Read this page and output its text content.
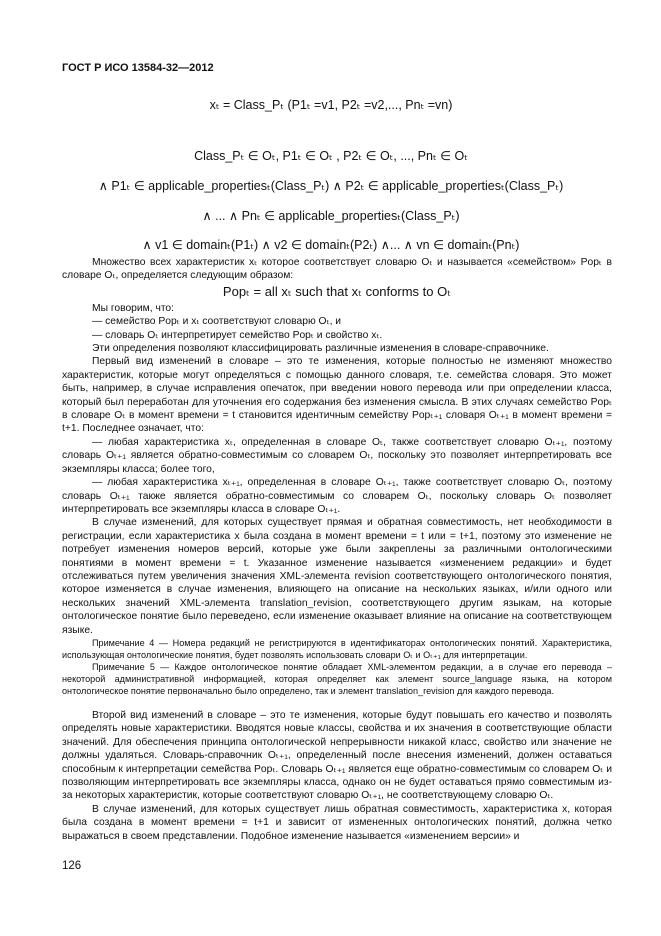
ГОСТ Р ИСО 13584-32—2012
xₜ = Class_Pₜ (P1ₜ =v1, P2ₜ =v2,..., Pnₜ =vn)
Class_Pₜ ∈ Oₜ, P1ₜ ∈ Oₜ , P2ₜ ∈ Oₜ, ..., Pnₜ ∈ Oₜ
∧ P1ₜ ∈ applicable_propertiesₜ(Class_Pₜ) ∧ P2ₜ ∈ applicable_propertiesₜ(Class_Pₜ)
∧ ... ∧ Pnₜ ∈ applicable_propertiesₜ(Class_Pₜ)
∧ v1 ∈ domainₜ(P1ₜ) ∧ v2 ∈ domainₜ(P2ₜ) ∧... ∧ vn ∈ domainₜ(Pnₜ)

Множество всех характеристик xₜ которое соответствует словарю Oₜ и называется «семейством» Popₜ в словаре Oₜ, определяется следующим образом:

Popₜ = all xₜ such that xₜ conforms to Oₜ

Мы говорим, что:

— семейство Popₜ и xₜ соответствуют словарю Oₜ, и

— словарь Oₜ интерпретирует семейство Popₜ и свойство xₜ.

Эти определения позволяют классифицировать различные изменения в словаре-справочнике.

Первый вид изменений в словаре – это те изменения, которые полностью не изменяют множество характеристик, которые могут определяться с помощью данного словаря, т.е. семейства словаря. Это может быть, например, в случае исправления опечаток, при введении нового перевода или при определении класса, который был переработан для уточнения его содержания без изменения смысла. В этих случаях семейство Popₜ в словаре Oₜ в момент времени = t становится идентичным семейству Popₜ₊₁ словаря Oₜ₊₁ в момент времени = t+1. Последнее означает, что:

— любая характеристика xₜ, определенная в словаре Oₜ, также соответствует словарю Oₜ₊₁, поэтому словарь Oₜ₊₁ является обратно-совместимым со словарем Oₜ, поскольку это позволяет интерпретировать все экземпляры класса; более того,

— любая характеристика xₜ₊₁, определенная в словаре Oₜ₊₁, также соответствует словарю Oₜ, поэтому словарь Oₜ₊₁ также является обратно-совместимым со словарем Oₜ, поскольку словарь Oₜ позволяет интерпретировать все экземпляры класса в словаре Oₜ₊₁.

В случае изменений, для которых существует прямая и обратная совместимость, нет необходимости в регистрации, если характеристика x была создана в момент времени = t или = t+1, поэтому это изменение не потребует изменения номеров версий, которые уже были закреплены за различными онтологическими понятиями в момент времени = t. Указанное изменение называется «изменением редакции» и будет отслеживаться путем увеличения значения XML-элемента revision соответствующего онтологического понятия, которое изменяется в случае изменения, влияющего на описание на нескольких языках, и/или одного или нескольких значений XML-элемента translation_revision, соответствующего другим языкам, на которые онтологическое понятие было переведено, если изменение оказывает влияние на описание на соответствующем языке.

Примечание 4 — Номера редакций не регистрируются в идентификаторах онтологических понятий. Характеристика, использующая онтологические понятия, будет позволять использовать словари Oₜ и Oₜ₊₁ для интерпретации.

Примечание 5 — Каждое онтологическое понятие обладает XML-элементом редакции, а в случае его перевода – некоторой административной информацией, которая определяет как элемент source_language языка, на котором онтологическое понятие первоначально было определено, так и элемент translation_revision для каждого перевода.

Второй вид изменений в словаре – это те изменения, которые будут повышать его качество и позволять определять новые характеристики. Вводятся новые классы, свойства и их значения в соответствующие области значений. Для обеспечения принципа онтологической непрерывности никакой класс, свойство или значение не должны удаляться. Словарь-справочник Oₜ₊₁, определенный после внесения изменений, должен оставаться способным к интерпретации семейства Popₜ. Словарь Oₜ₊₁ является еще обратно-совместимым со словарем Oₜ и позволяющим интерпретировать все экземпляры класса, однако он не будет оставаться прямо совместимым из-за некоторых характеристик, которые соответствуют словарю Oₜ₊₁, не соответствующему словарю Oₜ.

В случае изменений, для которых существует лишь обратная совместимость, характеристика x, которая была создана в момент времени = t+1 и зависит от измененных онтологических понятий, должна четко выражаться в своем представлении. Подобное изменение называется «изменением версии» и

126
